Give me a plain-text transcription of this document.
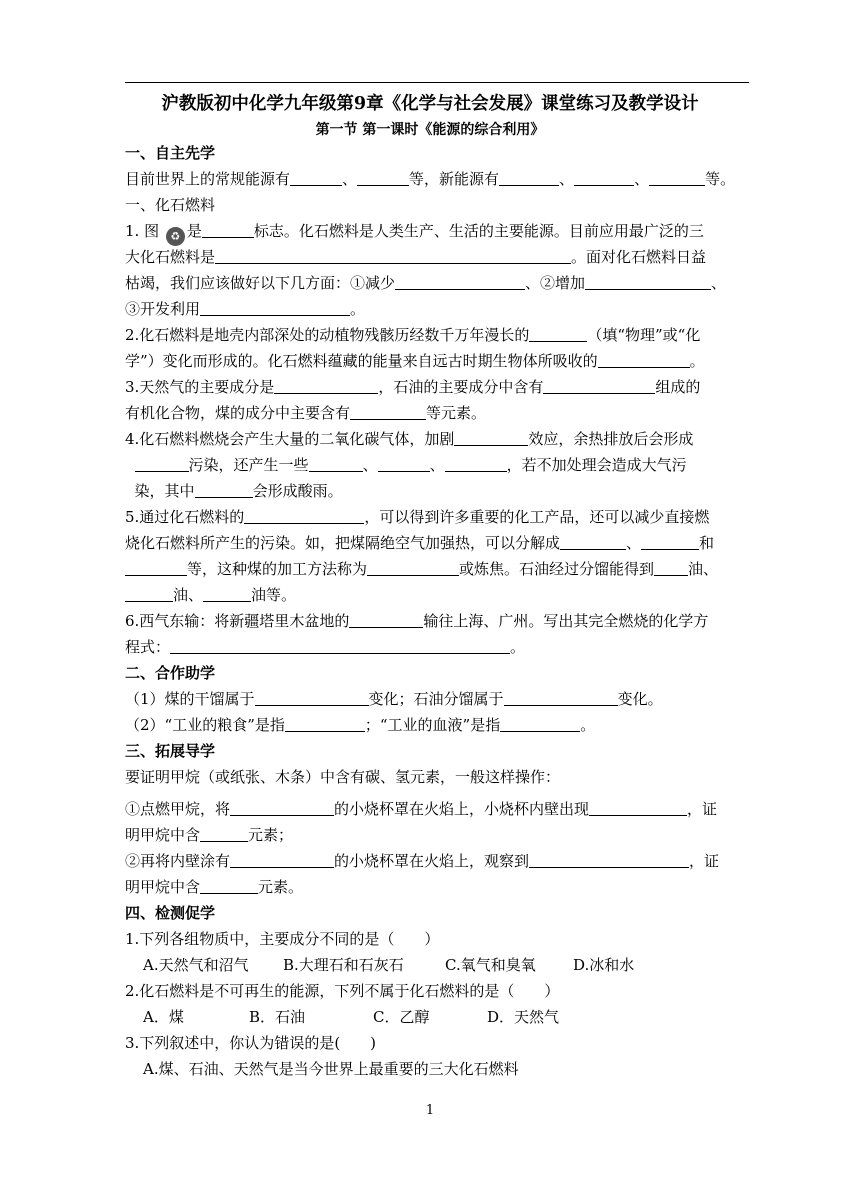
沪教版初中化学九年级第9章《化学与社会发展》课堂练习及教学设计
第一节 第一课时《能源的综合利用》
一、自主先学
目前世界上的常规能源有	、	等，新能源有	、	、	等。
一、化石燃料
1. 图 ♻ 是	标志。化石燃料是人类生产、生活的主要能源。目前应用最广泛的三
大化石燃料是	。面对化石燃料日益
枯竭，我们应该做好以下几方面：①减少	、②增加	、
③开发利用	。
2.化石燃料是地壳内部深处的动植物残骸历经数千万年漫长的	（填“物理”或“化
学”）变化而形成的。化石燃料蕴藏的能量来自远古时期生物体所吸收的	。
3.天然气的主要成分是	，石油的主要成分中含有	组成的
有机化合物，煤的成分中主要含有	等元素。
4.化石燃料燃烧会产生大量的二氧化碳气体，加剧	效应，余热排放后会形成
污染，还产生一些	、	、	，若不加处理会造成大气污
染，其中	会形成酸雨。
5.通过化石燃料的	，可以得到许多重要的化工产品，还可以减少直接燃
烧化石燃料所产生的污染。如，把煤隔绝空气加强热，可以分解成	、	和
等，这种煤的加工方法称为	或炼焦。石油经过分馏能得到 油、
油、	油等。
6.西气东输：将新疆塔里木盆地的	输往上海、广州。写出其完全燃烧的化学方
程式：	。
二、合作助学
（1）煤的干馏属于	变化；石油分馏属于	变化。
（2）“工业的粮食”是指	；“工业的血液”是指	。
三、拓展导学
要证明甲烷（或纸张、木条）中含有碳、氢元素，一般这样操作：
①点燃甲烷，将	的小烧杯罩在火焰上，小烧杯内壁出现	，证
明甲烷中含	元素；
②再将内壁涂有	的小烧杯罩在火焰上，观察到	，证
明甲烷中含	元素。
四、检测促学
1.下列各组物质中，主要成分不同的是（　　）
A.天然气和沼气 B.大理石和石灰石	C.氧气和臭氧 D.冰和水
2.化石燃料是不可再生的能源，下列不属于化石燃料的是（　　）
A．煤	B．石油	C．乙醇	D．天然气
3.下列叙述中，你认为错误的是(　　)
A.煤、石油、天然气是当今世界上最重要的三大化石燃料
1
